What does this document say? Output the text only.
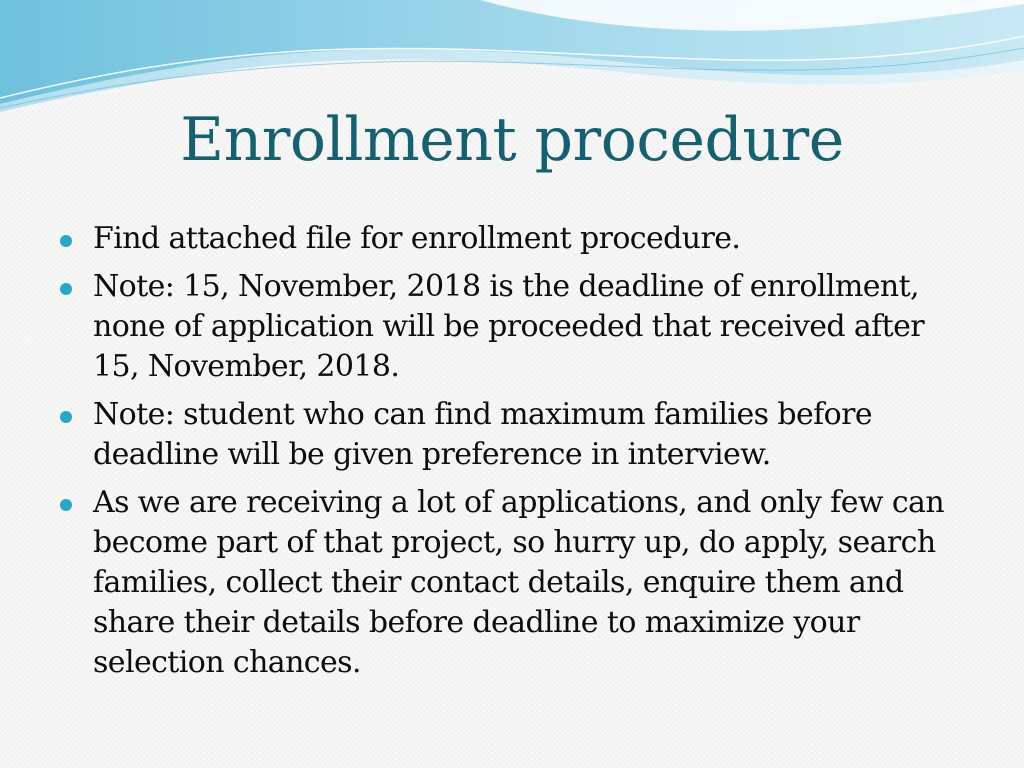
Enrollment procedure
Find attached file for enrollment procedure.
Note: 15, November, 2018 is the deadline of enrollment, none of application will be proceeded that received after 15, November, 2018.
Note: student who can find maximum families before deadline will be given preference in interview.
As we are receiving a lot of applications, and only few can become part of that project, so hurry up, do apply, search families, collect their contact details, enquire them and share their details before deadline to maximize your selection chances.
